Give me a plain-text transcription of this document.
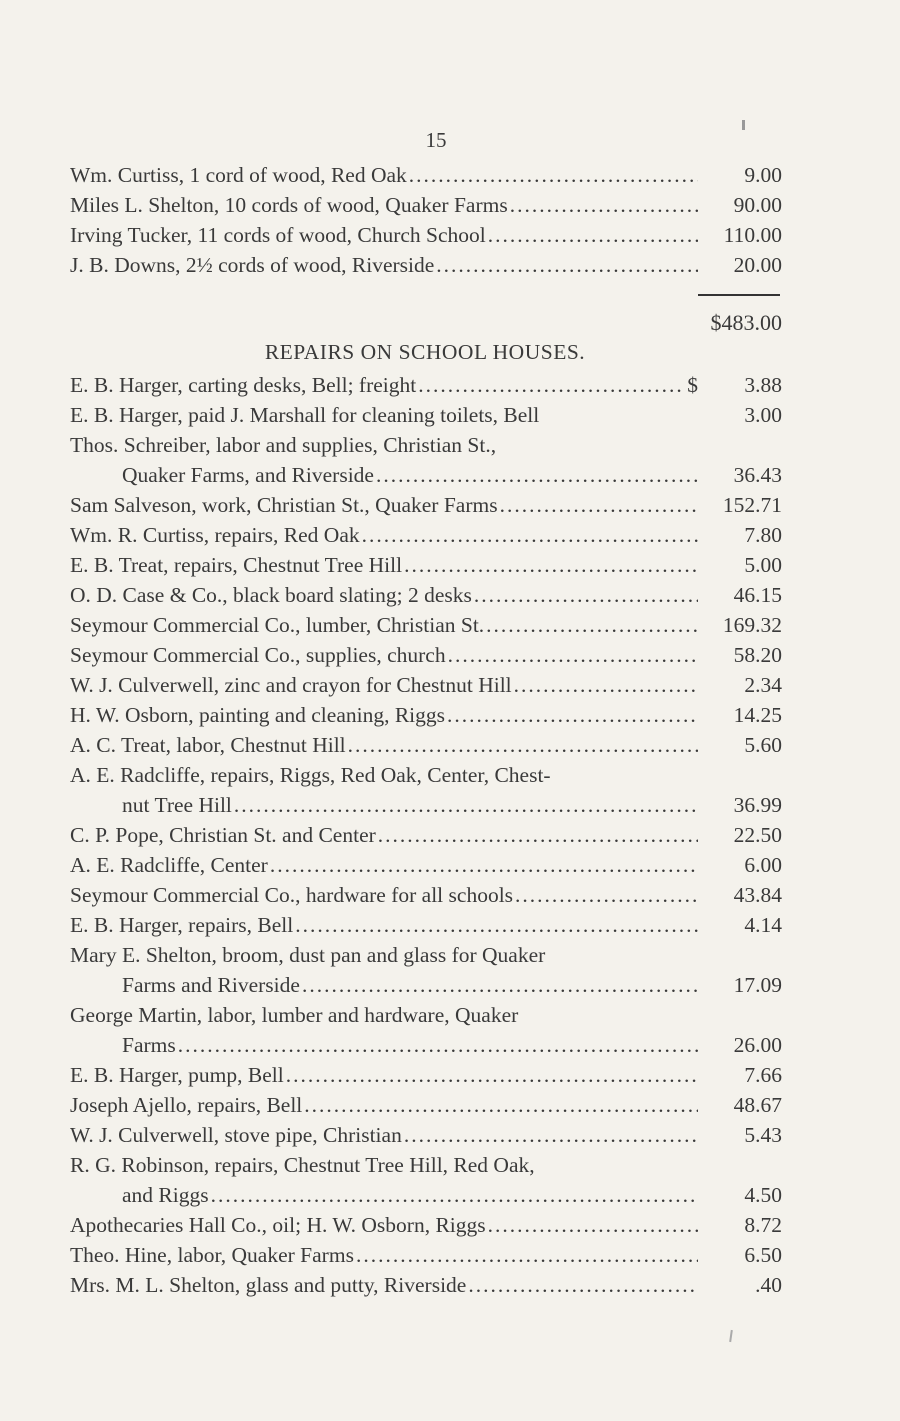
15
Wm. Curtiss, 1 cord of wood, Red Oak .....	9.00
Miles L. Shelton, 10 cords of wood, Quaker Farms .....	90.00
Irving Tucker, 11 cords of wood, Church School .....	110.00
J. B. Downs, 2½ cords of wood, Riverside .....	20.00
$483.00
REPAIRS ON SCHOOL HOUSES.
E. B. Harger, carting desks, Bell; freight .....	$	3.88
E. B. Harger, paid J. Marshall for cleaning toilets, Bell	3.00
Thos. Schreiber, labor and supplies, Christian St.,
Quaker Farms, and Riverside .....	36.43
Sam Salveson, work, Christian St., Quaker Farms .....	152.71
Wm. R. Curtiss, repairs, Red Oak .....	7.80
E. B. Treat, repairs, Chestnut Tree Hill .....	5.00
O. D. Case & Co., black board slating; 2 desks .....	46.15
Seymour Commercial Co., lumber, Christian St. .....	169.32
Seymour Commercial Co., supplies, church .....	58.20
W. J. Culverwell, zinc and crayon for Chestnut Hill .....	2.34
H. W. Osborn, painting and cleaning, Riggs .....	14.25
A. C. Treat, labor, Chestnut Hill .....	5.60
A. E. Radcliffe, repairs, Riggs, Red Oak, Center, Chest-
nut Tree Hill .....	36.99
C. P. Pope, Christian St. and Center .....	22.50
A. E. Radcliffe, Center .....	6.00
Seymour Commercial Co., hardware for all schools .....	43.84
E. B. Harger, repairs, Bell .....	4.14
Mary E. Shelton, broom, dust pan and glass for Quaker
Farms and Riverside .....	17.09
George Martin, labor, lumber and hardware, Quaker
Farms .....	26.00
E. B. Harger, pump, Bell .....	7.66
Joseph Ajello, repairs, Bell .....	48.67
W. J. Culverwell, stove pipe, Christian .....	5.43
R. G. Robinson, repairs, Chestnut Tree Hill, Red Oak,
and Riggs .....	4.50
Apothecaries Hall Co., oil; H. W. Osborn, Riggs .....	8.72
Theo. Hine, labor, Quaker Farms .....	6.50
Mrs. M. L. Shelton, glass and putty, Riverside .....	.40
